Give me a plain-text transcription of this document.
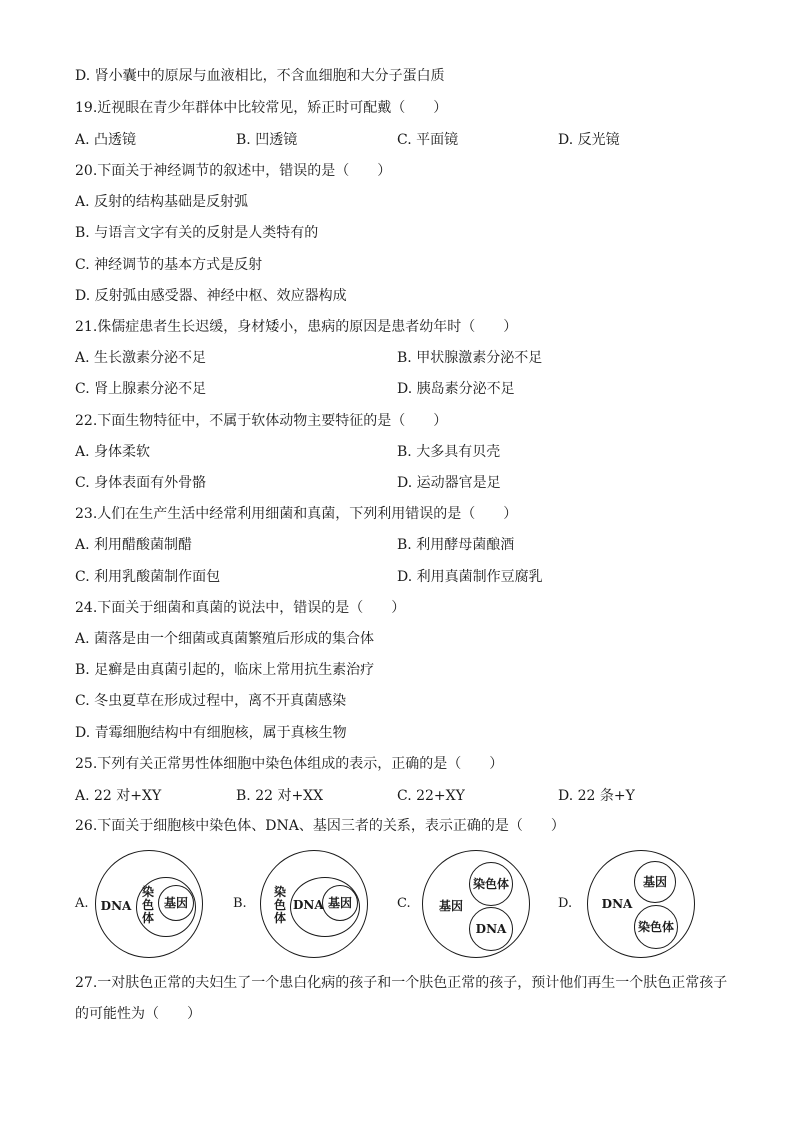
D. 肾小囊中的原尿与血液相比，不含血细胞和大分子蛋白质
19.近视眼在青少年群体中比较常见，矫正时可配戴（　　）
A. 凸透镜	B. 凹透镜	C. 平面镜	D. 反光镜
20.下面关于神经调节的叙述中，错误的是（　　）
A. 反射的结构基础是反射弧
B. 与语言文字有关的反射是人类特有的
C. 神经调节的基本方式是反射
D. 反射弧由感受器、神经中枢、效应器构成
21.侏儒症患者生长迟缓，身材矮小，患病的原因是患者幼年时（　　）
A. 生长激素分泌不足	B. 甲状腺激素分泌不足
C. 肾上腺素分泌不足	D. 胰岛素分泌不足
22.下面生物特征中，不属于软体动物主要特征的是（　　）
A. 身体柔软	B. 大多具有贝壳
C. 身体表面有外骨骼	D. 运动器官是足
23.人们在生产生活中经常利用细菌和真菌，下列利用错误的是（　　）
A. 利用醋酸菌制醋	B. 利用酵母菌酿酒
C. 利用乳酸菌制作面包	D. 利用真菌制作豆腐乳
24.下面关于细菌和真菌的说法中，错误的是（　　）
A. 菌落是由一个细菌或真菌繁殖后形成的集合体
B. 足癣是由真菌引起的，临床上常用抗生素治疗
C. 冬虫夏草在形成过程中，离不开真菌感染
D. 青霉细胞结构中有细胞核，属于真核生物
25.下列有关正常男性体细胞中染色体组成的表示，正确的是（　　）
A. 22 对+XY	B. 22 对+XX	C. 22+XY	D. 22 条+Y
26.下面关于细胞核中染色体、DNA、基因三者的关系，表示正确的是（　　）
A. DNA
染
色
体
基因	B.
染
色
体
DNA 基因	C.	基因
染色体
DNA
D. DNA
基因
染色体
27.一对肤色正常的夫妇生了一个患白化病的孩子和一个肤色正常的孩子，预计他们再生一个肤色正常孩子
的可能性为（　　）
